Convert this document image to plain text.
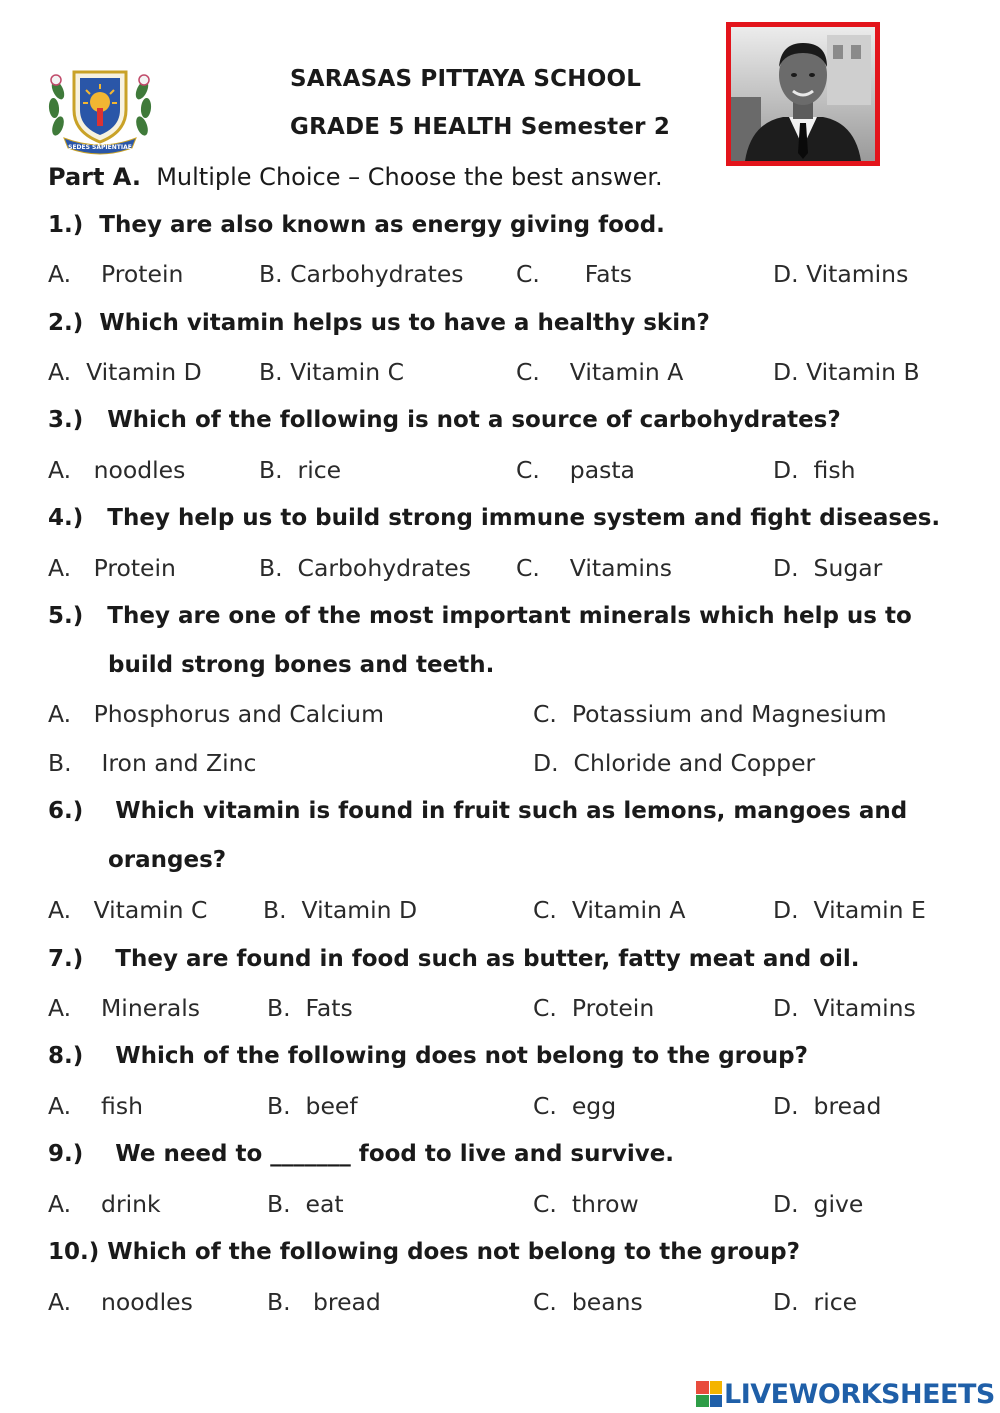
SEDES SAPIENTIAE
SARASAS PITTAYA SCHOOL
GRADE 5 HEALTH Semester 2
Part A. Multiple Choice – Choose the best answer.
1.) They are also known as energy giving food.
A. Protein	B. Carbohydrates C. Fats	D. Vitamins
2.) Which vitamin helps us to have a healthy skin?
A. Vitamin D B. Vitamin C	C. Vitamin A	D. Vitamin B
3.) Which of the following is not a source of carbohydrates?
A. noodles	B. rice	C. pasta	D. fish
4.) They help us to build strong immune system and fight diseases.
A. Protein	B. Carbohydrates C. Vitamins	D. Sugar
5.) They are one of the most important minerals which help us to
build strong bones and teeth.
A. Phosphorus and Calcium	C. Potassium and Magnesium
B. Iron and Zinc	D. Chloride and Copper
6.) Which vitamin is found in fruit such as lemons, mangoes and
oranges?
A. Vitamin C B. Vitamin D	C. Vitamin A	D. Vitamin E
7.) They are found in food such as butter, fatty meat and oil.
A. Minerals	B. Fats	C. Protein	D. Vitamins
8.) Which of the following does not belong to the group?
A. fish	B. beef	C. egg	D. bread
9.) We need to _______ food to live and survive.
A. drink	B. eat	C. throw	D. give
10.) Which of the following does not belong to the group?
A. noodles	B. bread	C. beans	D. rice
LIVEWORKSHEETS
